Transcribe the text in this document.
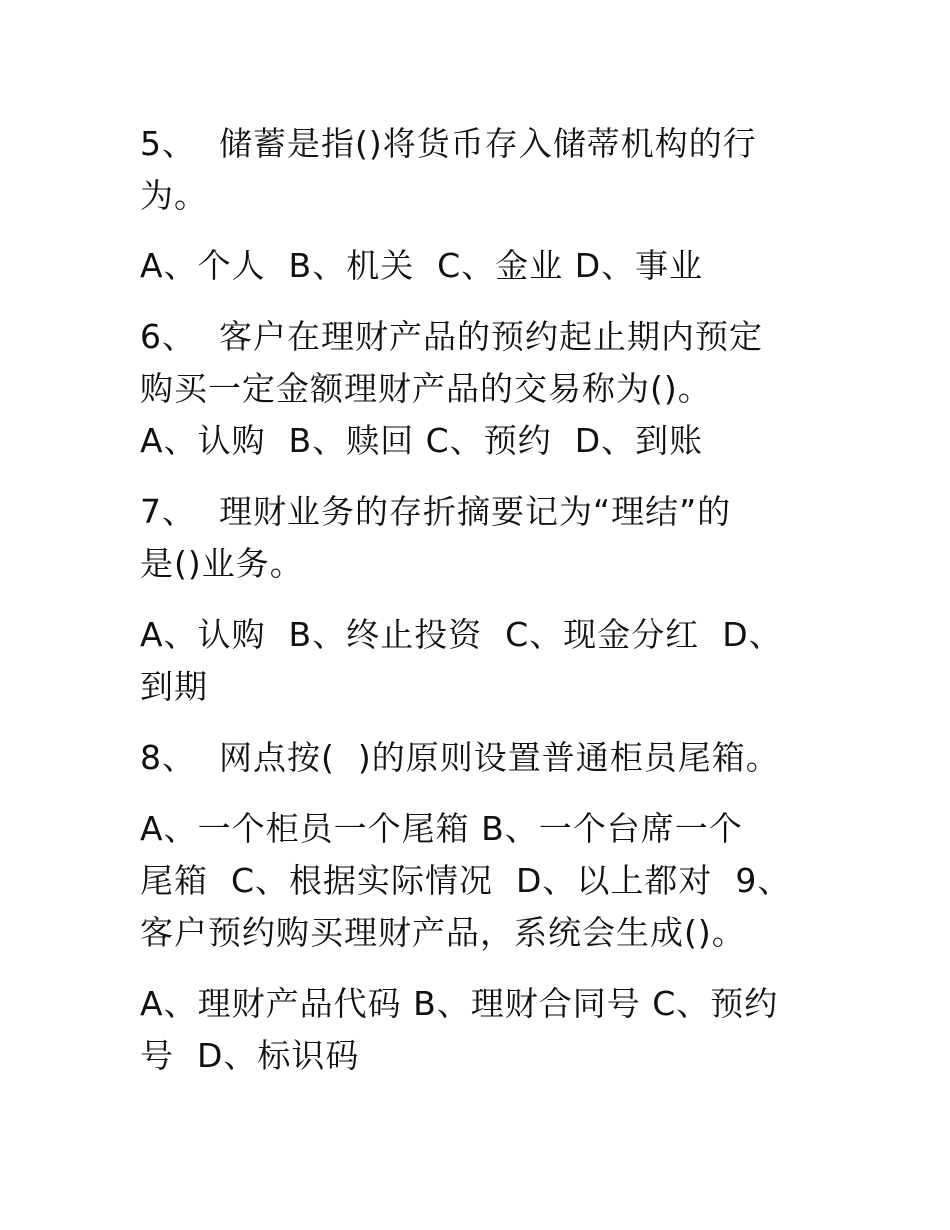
5、  储蓄是指()将货币存入储蒂机构的行
为。
A、个人  B、机关  C、金业 D、事业
6、  客户在理财产品的预约起止期内预定
购买一定金额理财产品的交易称为()。
A、认购  B、赎回 C、预约  D、到账
7、  理财业务的存折摘要记为“理结”的
是()业务。
A、认购  B、终止投资  C、现金分红  D、
到期
8、  网点按(  )的原则设置普通柜员尾箱。
A、一个柜员一个尾箱 B、一个台席一个
尾箱  C、根据实际情况  D、以上都对  9、
客户预约购买理财产品，系统会生成()。
A、理财产品代码 B、理财合同号 C、预约
号  D、标识码
